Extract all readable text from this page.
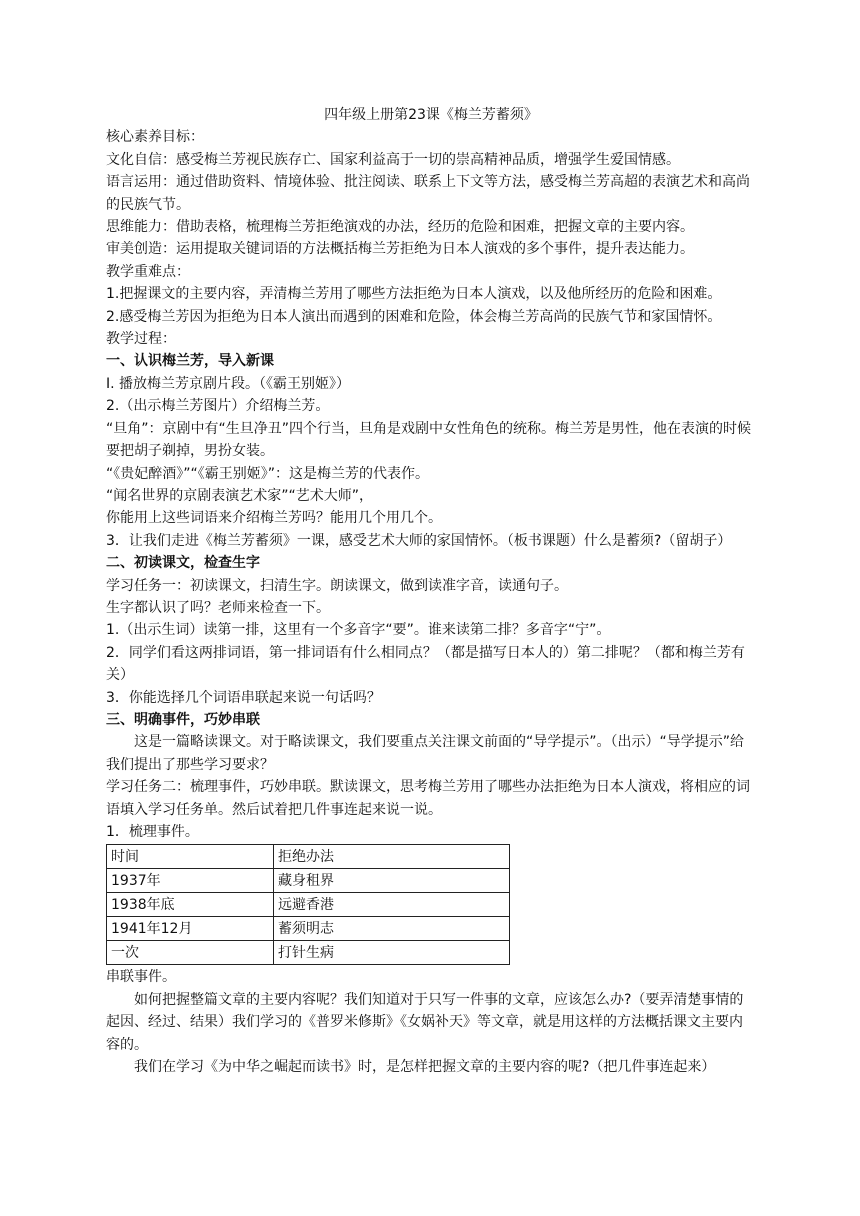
四年级上册第23课《梅兰芳蓄须》

核心素养目标：

文化自信：感受梅兰芳视民族存亡、国家利益高于一切的崇高精神品质，增强学生爱国情感。

语言运用：通过借助资料、情境体验、批注阅读、联系上下文等方法，感受梅兰芳高超的表演艺术和高尚的民族气节。

思维能力：借助表格，梳理梅兰芳拒绝演戏的办法，经历的危险和困难，把握文章的主要内容。

审美创造：运用提取关键词语的方法概括梅兰芳拒绝为日本人演戏的多个事件，提升表达能力。

教学重难点：

1.把握课文的主要内容，弄清梅兰芳用了哪些方法拒绝为日本人演戏，以及他所经历的危险和困难。

2.感受梅兰芳因为拒绝为日本人演出而遇到的困难和危险，体会梅兰芳高尚的民族气节和家国情怀。

教学过程：

一、认识梅兰芳，导入新课

I. 播放梅兰芳京剧片段。（《霸王别姬》）

2.（出示梅兰芳图片）介绍梅兰芳。

“旦角”：京剧中有“生旦净丑”四个行当，旦角是戏剧中女性角色的统称。梅兰芳是男性，他在表演的时候要把胡子剃掉，男扮女装。

“《贵妃醉酒》”“《霸王别姬》”：这是梅兰芳的代表作。

“闻名世界的京剧表演艺术家”“艺术大师”，

你能用上这些词语来介绍梅兰芳吗？能用几个用几个。

3．让我们走进《梅兰芳蓄须》一课，感受艺术大师的家国情怀。（板书课题）什么是蓄须?（留胡子）

二、初读课文，检查生字

学习任务一：初读课文，扫清生字。朗读课文，做到读准字音，读通句子。

生字都认识了吗？老师来检查一下。

1.（出示生词）读第一排，这里有一个多音字“要”。谁来读第二排？多音字“宁”。

2．同学们看这两排词语，第一排词语有什么相同点？（都是描写日本人的）第二排呢？（都和梅兰芳有关）

3．你能选择几个词语串联起来说一句话吗？

三、明确事件，巧妙串联

这是一篇略读课文。对于略读课文，我们要重点关注课文前面的“导学提示”。（出示）“导学提示”给我们提出了那些学习要求？

学习任务二：梳理事件，巧妙串联。默读课文，思考梅兰芳用了哪些办法拒绝为日本人演戏，将相应的词语填入学习任务单。然后试着把几件事连起来说一说。

1．梳理事件。

时间	拒绝办法
1937年	藏身租界
1938年底	远避香港
1941年12月	蓄须明志
一次	打针生病

串联事件。

如何把握整篇文章的主要内容呢？我们知道对于只写一件事的文章，应该怎么办?（要弄清楚事情的起因、经过、结果）我们学习的《普罗米修斯》《女娲补天》等文章，就是用这样的方法概括课文主要内容的。

我们在学习《为中华之崛起而读书》时，是怎样把握文章的主要内容的呢?（把几件事连起来）
